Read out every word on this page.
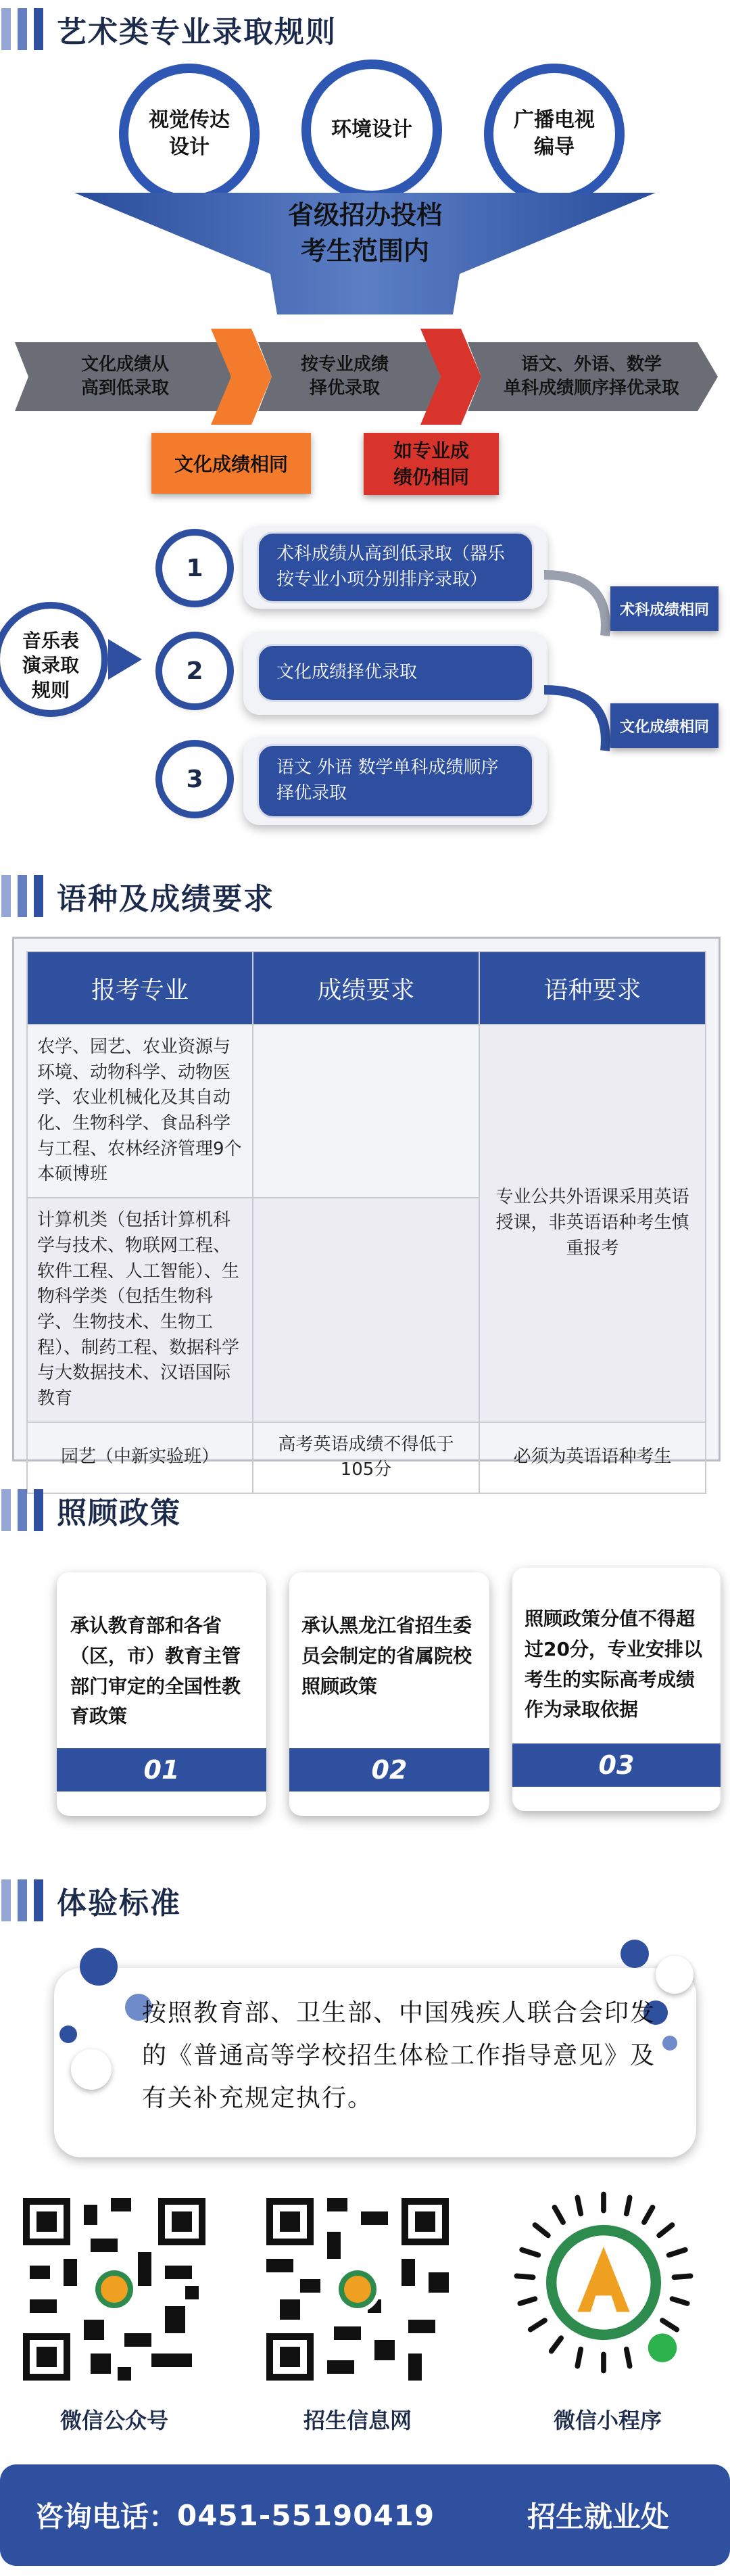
艺术类专业录取规则
视觉传达
设计
环境设计	广播电视
编导
省级招办投档
考生范围内
文化成绩从
高到低录取
按专业成绩
择优录取
语文、外语、数学
单科成绩顺序择优录取
文化成绩相同
如专业成
绩仍相同
音乐表
演录取
规则
1
2
3
术科成绩从高到低录取（器乐按专业小项分别排序录取）
文化成绩择优录取
语文 外语 数学单科成绩顺序择优录取
术科成绩相同
文化成绩相同
语种及成绩要求
报考专业	成绩要求	语种要求
农学、园艺、农业资源与环境、动物科学、动物医学、农业机械化及其自动化、生物科学、食品科学与工程、农林经济管理9个本硕博班		专业公共外语课采用英语授课，非英语语种考生慎重报考
计算机类（包括计算机科学与技术、物联网工程、软件工程、人工智能）、生物科学类（包括生物科学、生物技术、生物工程）、制药工程、数据科学与大数据技术、汉语国际教育		
园艺（中新实验班）	高考英语成绩不得低于105分	必须为英语语种考生
照顾政策
承认教育部和各省（区，市）教育主管部门审定的全国性教育政策
01
承认黑龙江省招生委员会制定的省属院校照顾政策
02
照顾政策分值不得超过20分，专业安排以考生的实际高考成绩作为录取依据
03
体验标准
按照教育部、卫生部、中国残疾人联合会印发的《普通高等学校招生体检工作指导意见》及有关补充规定执行。
微信公众号	招生信息网	微信小程序
咨询电话： 0451-55190419	招生就业处
